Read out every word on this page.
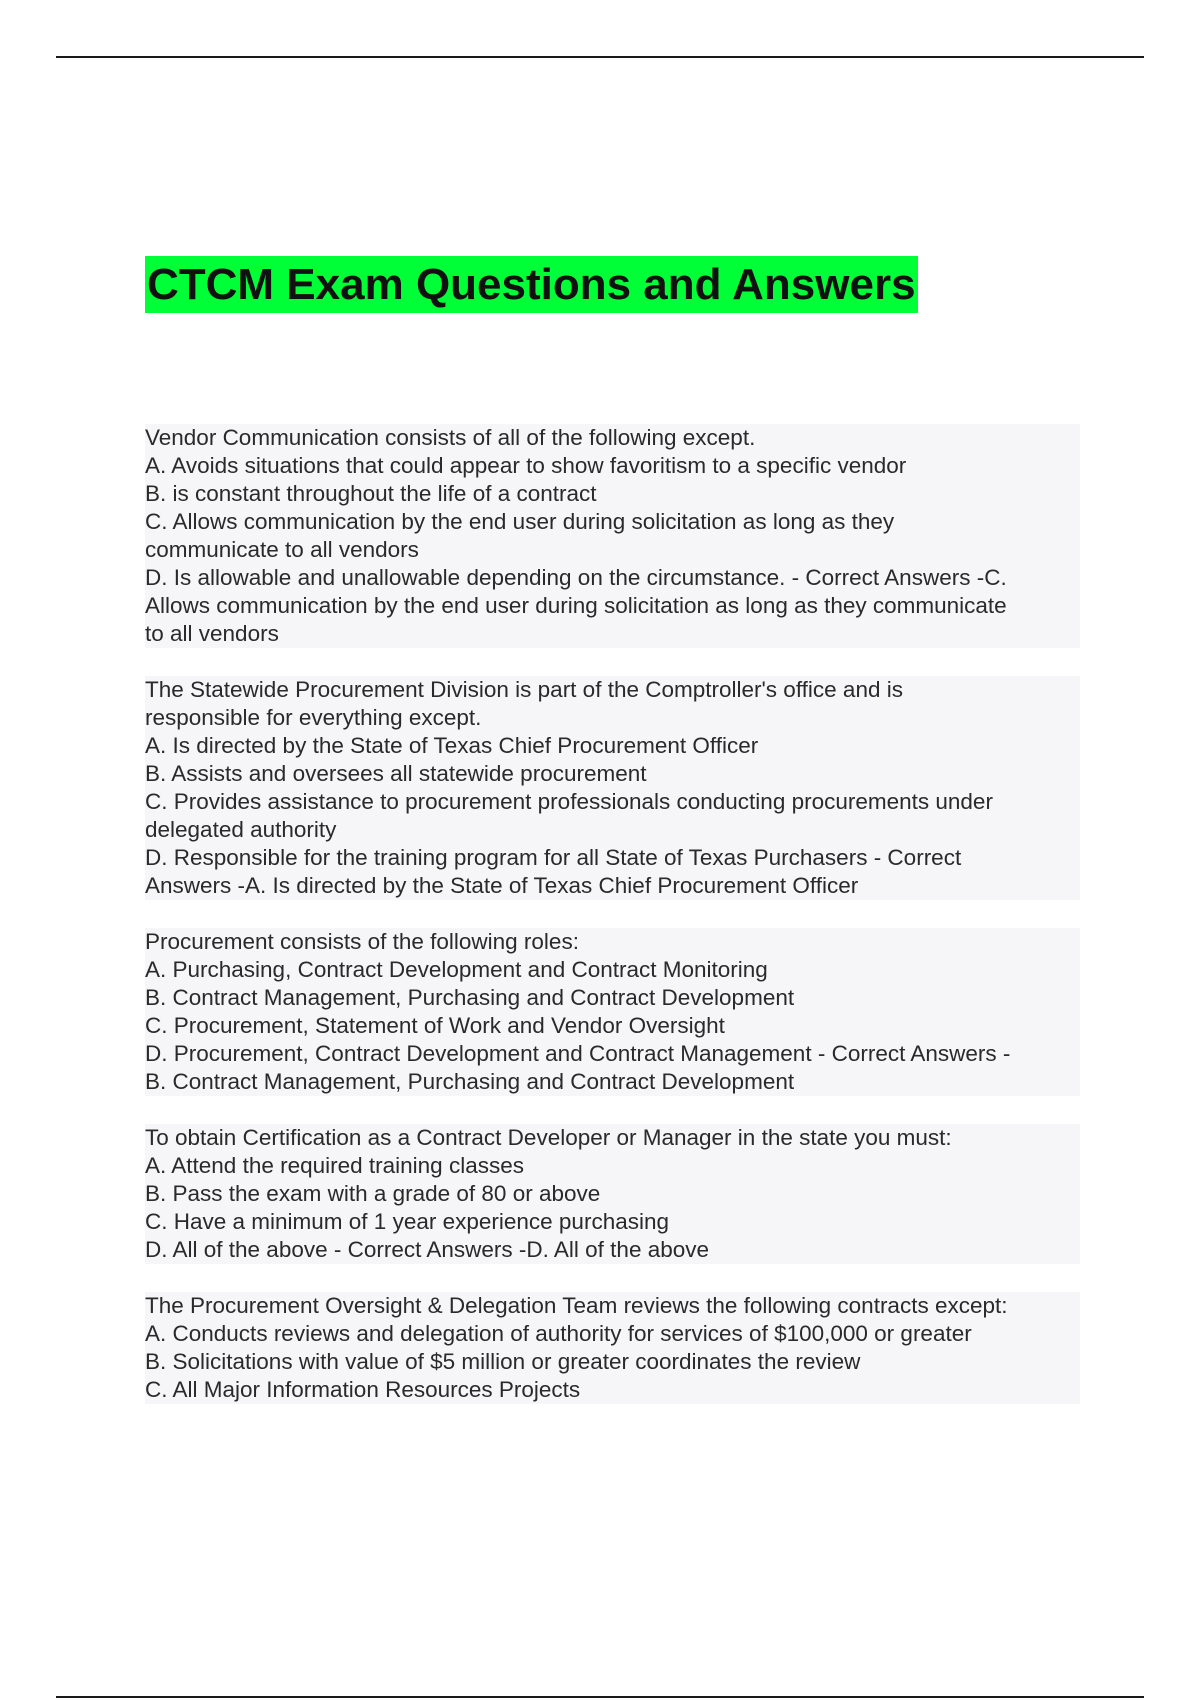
CTCM Exam Questions and Answers
Vendor Communication consists of all of the following except.
A. Avoids situations that could appear to show favoritism to a specific vendor
B. is constant throughout the life of a contract
C. Allows communication by the end user during solicitation as long as they
communicate to all vendors
D. Is allowable and unallowable depending on the circumstance. - Correct Answers -C.
Allows communication by the end user during solicitation as long as they communicate
to all vendors
The Statewide Procurement Division is part of the Comptroller's office and is
responsible for everything except.
A. Is directed by the State of Texas Chief Procurement Officer
B. Assists and oversees all statewide procurement
C. Provides assistance to procurement professionals conducting procurements under
delegated authority
D. Responsible for the training program for all State of Texas Purchasers - Correct
Answers -A. Is directed by the State of Texas Chief Procurement Officer
Procurement consists of the following roles:
A. Purchasing, Contract Development and Contract Monitoring
B. Contract Management, Purchasing and Contract Development
C. Procurement, Statement of Work and Vendor Oversight
D. Procurement, Contract Development and Contract Management - Correct Answers -
B. Contract Management, Purchasing and Contract Development
To obtain Certification as a Contract Developer or Manager in the state you must:
A. Attend the required training classes
B. Pass the exam with a grade of 80 or above
C. Have a minimum of 1 year experience purchasing
D. All of the above - Correct Answers -D. All of the above
The Procurement Oversight & Delegation Team reviews the following contracts except:
A. Conducts reviews and delegation of authority for services of $100,000 or greater
B. Solicitations with value of $5 million or greater coordinates the review
C. All Major Information Resources Projects
